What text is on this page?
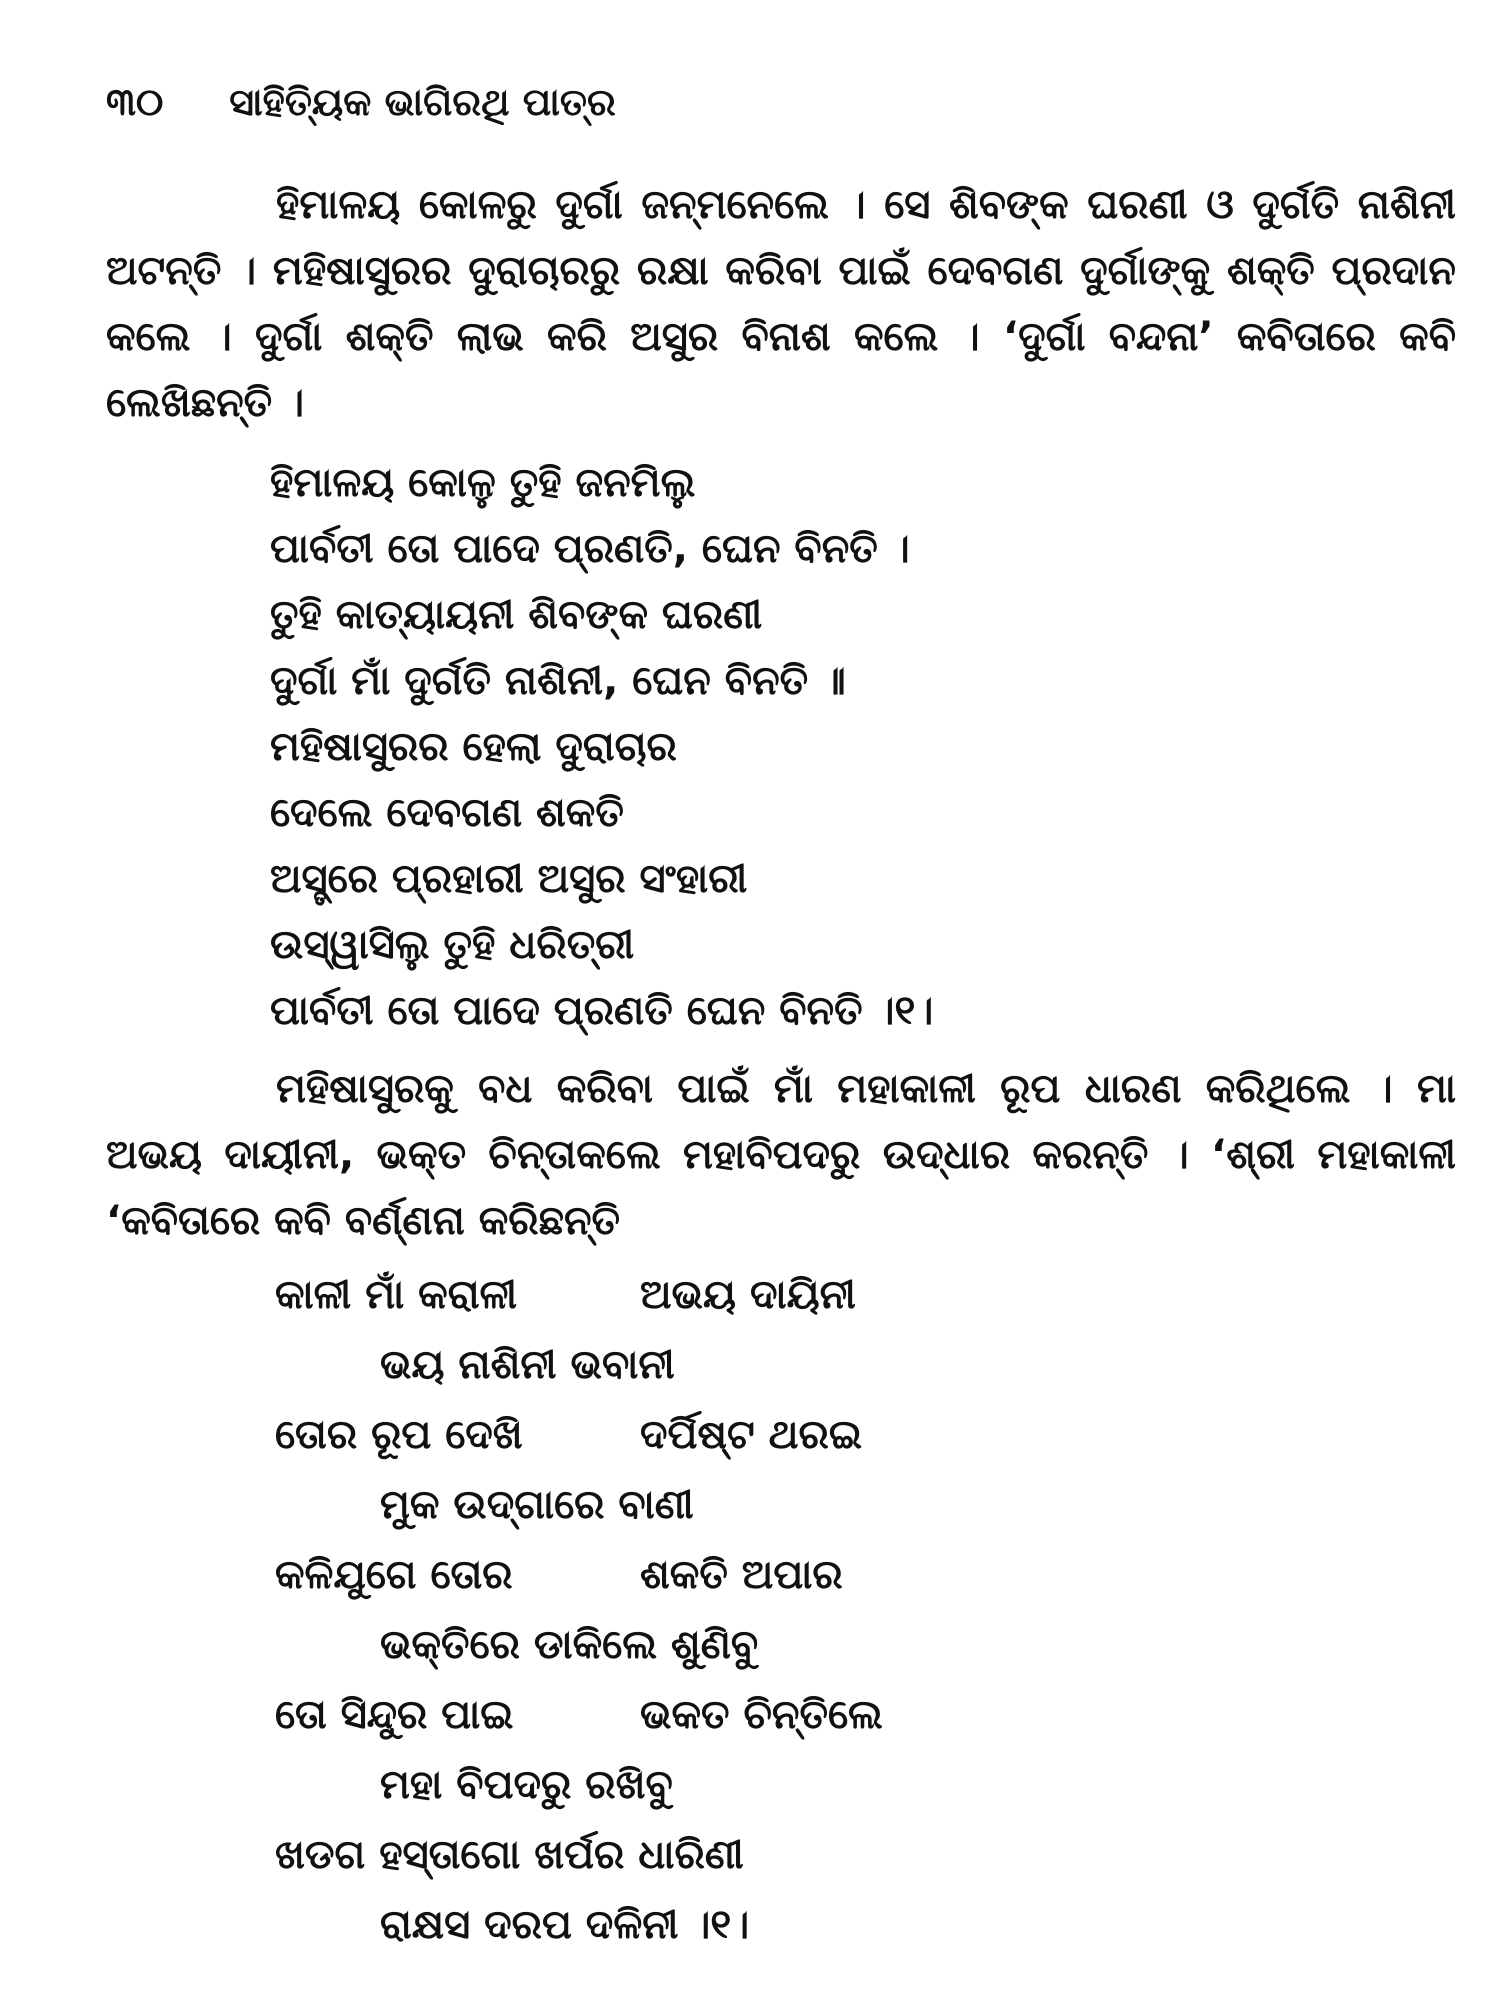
୩୦ ସାହିତ୍ୟିକ ଭାଗିରଥି ପାତ୍ର
ହିମାଳୟ କୋଳରୁ ଦୁର୍ଗା ଜନ୍ମନେଲେ । ସେ ଶିବଙ୍କ ଘରଣୀ ଓ ଦୁର୍ଗତି ନାଶିନୀ ଅଟନ୍ତି । ମହିଷାସୁରର ଦୁରାଚାରରୁ ରକ୍ଷା କରିବା ପାଇଁ ଦେବଗଣ ଦୁର୍ଗାଙ୍କୁ ଶକ୍ତି ପ୍ରଦାନ କଲେ । ଦୁର୍ଗା ଶକ୍ତି ଲାଭ କରି ଅସୁର ବିନାଶ କଲେ । ‘ଦୁର୍ଗା ବନ୍ଦନା’ କବିତାରେ କବି ଲେଖିଛନ୍ତି ।
ହିମାଳୟ କୋଳୁ ତୁହି ଜନମିଲୁ
ପାର୍ବତୀ ତୋ ପାଦେ ପ୍ରଣତି, ଘେନ ବିନତି ।
ତୁହି କାତ୍ୟାୟନୀ ଶିବଙ୍କ ଘରଣୀ
ଦୁର୍ଗା ମାଁ ଦୁର୍ଗତି ନାଶିନୀ, ଘେନ ବିନତି ॥
ମହିଷାସୁରର ହେଲା ଦୁରାଚାର
ଦେଲେ ଦେବଗଣ ଶକତି
ଅସ୍ତ୍ରେ ପ୍ରହାରୀ ଅସୁର ସଂହାରୀ
ଉସ୍ୱାସିଲୁ ତୁହି ଧରିତ୍ରୀ
ପାର୍ବତୀ ତୋ ପାଦେ ପ୍ରଣତି ଘେନ ବିନତି ।୧।
ମହିଷାସୁରକୁ ବଧ କରିବା ପାଇଁ ମାଁ ମହାକାଳୀ ରୂପ ଧାରଣ କରିଥିଲେ । ମା ଅଭୟ ଦାୟୀନୀ, ଭକ୍ତ ଚିନ୍ତାକଲେ ମହାବିପଦରୁ ଉଦ୍ଧାର କରନ୍ତି । ‘ଶ୍ରୀ ମହାକାଳୀ ‘କବିତାରେ କବି ବର୍ଣ୍ଣନା କରିଛନ୍ତି
କାଳୀ ମାଁ କରାଳୀ	ଅଭୟ ଦାୟିନୀ
ଭୟ ନାଶିନୀ ଭବାନୀ
ତୋର ରୂପ ଦେଖି	ଦର୍ପିଷ୍ଟ ଥରଇ
ମୁକ ଉଦ୍‌ଗାରେ ବାଣୀ
କଳିଯୁଗେ ତୋର	ଶକତି ଅପାର
ଭକ୍ତିରେ ଡାକିଲେ ଶୁଣିବୁ
ତୋ ସିନ୍ଦୁର ପାଇ	ଭକତ ଚିନ୍ତିଲେ
ମହା ବିପଦରୁ ରଖିବୁ
ଖଡଗ ହସ୍ତାଗୋ ଖର୍ପର ଧାରିଣୀ
ରାକ୍ଷସ ଦରପ ଦଳିନୀ ।୧।
